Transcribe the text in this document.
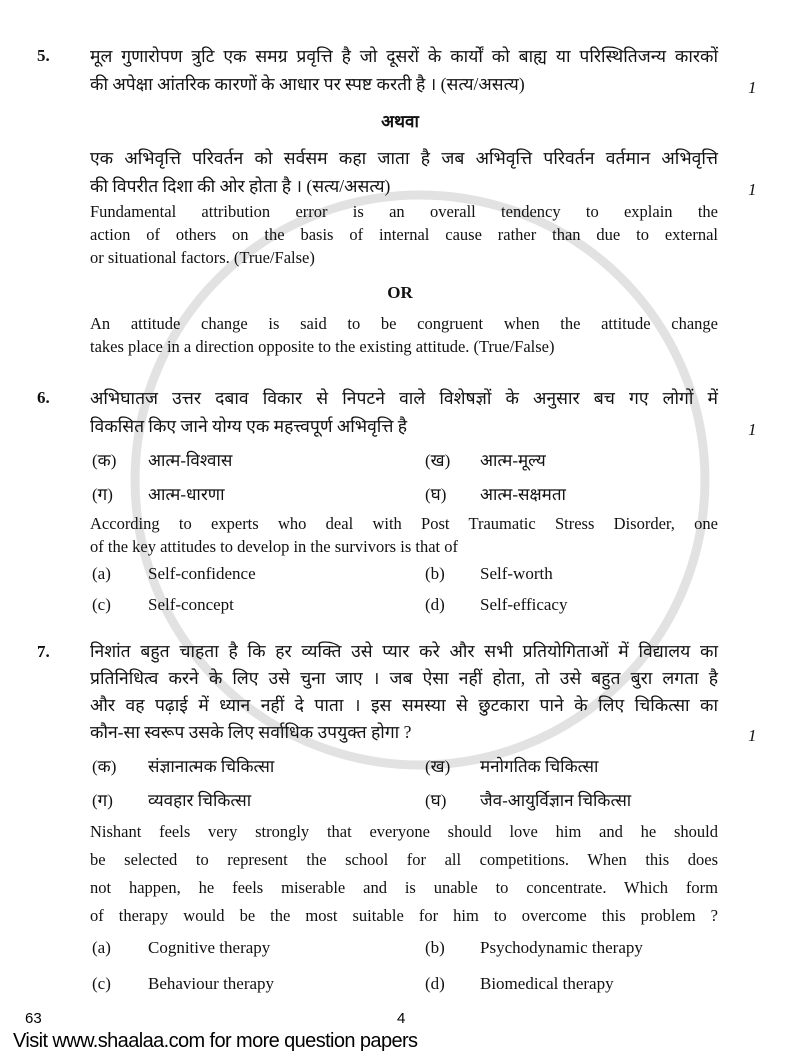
5.	मूल गुणारोपण त्रुटि एक समग्र प्रवृत्ति है जो दूसरों के कार्यों को बाह्य या परिस्थितिजन्य कारकों
की अपेक्षा आंतरिक कारणों के आधार पर स्पष्ट करती है । (सत्य/असत्य)	1
अथवा
एक अभिवृत्ति परिवर्तन को सर्वसम कहा जाता है जब अभिवृत्ति परिवर्तन वर्तमान अभिवृत्ति
की विपरीत दिशा की ओर होता है । (सत्य/असत्य)	1
Fundamental attribution error is an overall tendency to explain the
action of others on the basis of internal cause rather than due to external
or situational factors. (True/False)
OR
An attitude change is said to be congruent when the attitude change
takes place in a direction opposite to the existing attitude. (True/False)
6.	अभिघातज उत्तर दबाव विकार से निपटने वाले विशेषज्ञों के अनुसार बच गए लोगों में
विकसित किए जाने योग्य एक महत्त्वपूर्ण अभिवृत्ति है	1
(क)	आत्म-विश्वास	(ख)	आत्म-मूल्य
(ग)	आत्म-धारणा	(घ)	आत्म-सक्षमता
According to experts who deal with Post Traumatic Stress Disorder, one
of the key attitudes to develop in the survivors is that of
(a)	Self-confidence	(b)	Self-worth
(c)	Self-concept	(d)	Self-efficacy
7.	निशांत बहुत चाहता है कि हर व्यक्ति उसे प्यार करे और सभी प्रतियोगिताओं में विद्यालय का
प्रतिनिधित्व करने के लिए उसे चुना जाए । जब ऐसा नहीं होता, तो उसे बहुत बुरा लगता है
और वह पढ़ाई में ध्यान नहीं दे पाता । इस समस्या से छुटकारा पाने के लिए चिकित्सा का
कौन-सा स्वरूप उसके लिए सर्वाधिक उपयुक्त होगा ?	1
(क)	संज्ञानात्मक चिकित्सा	(ख)	मनोगतिक चिकित्सा
(ग)	व्यवहार चिकित्सा	(घ)	जैव-आयुर्विज्ञान चिकित्सा
Nishant feels very strongly that everyone should love him and he should
be selected to represent the school for all competitions. When this does
not happen, he feels miserable and is unable to concentrate. Which form
of therapy would be the most suitable for him to overcome this problem ?
(a)	Cognitive therapy	(b)	Psychodynamic therapy
(c)	Behaviour therapy	(d)	Biomedical therapy
63	4
Visit www.shaalaa.com for more question papers
